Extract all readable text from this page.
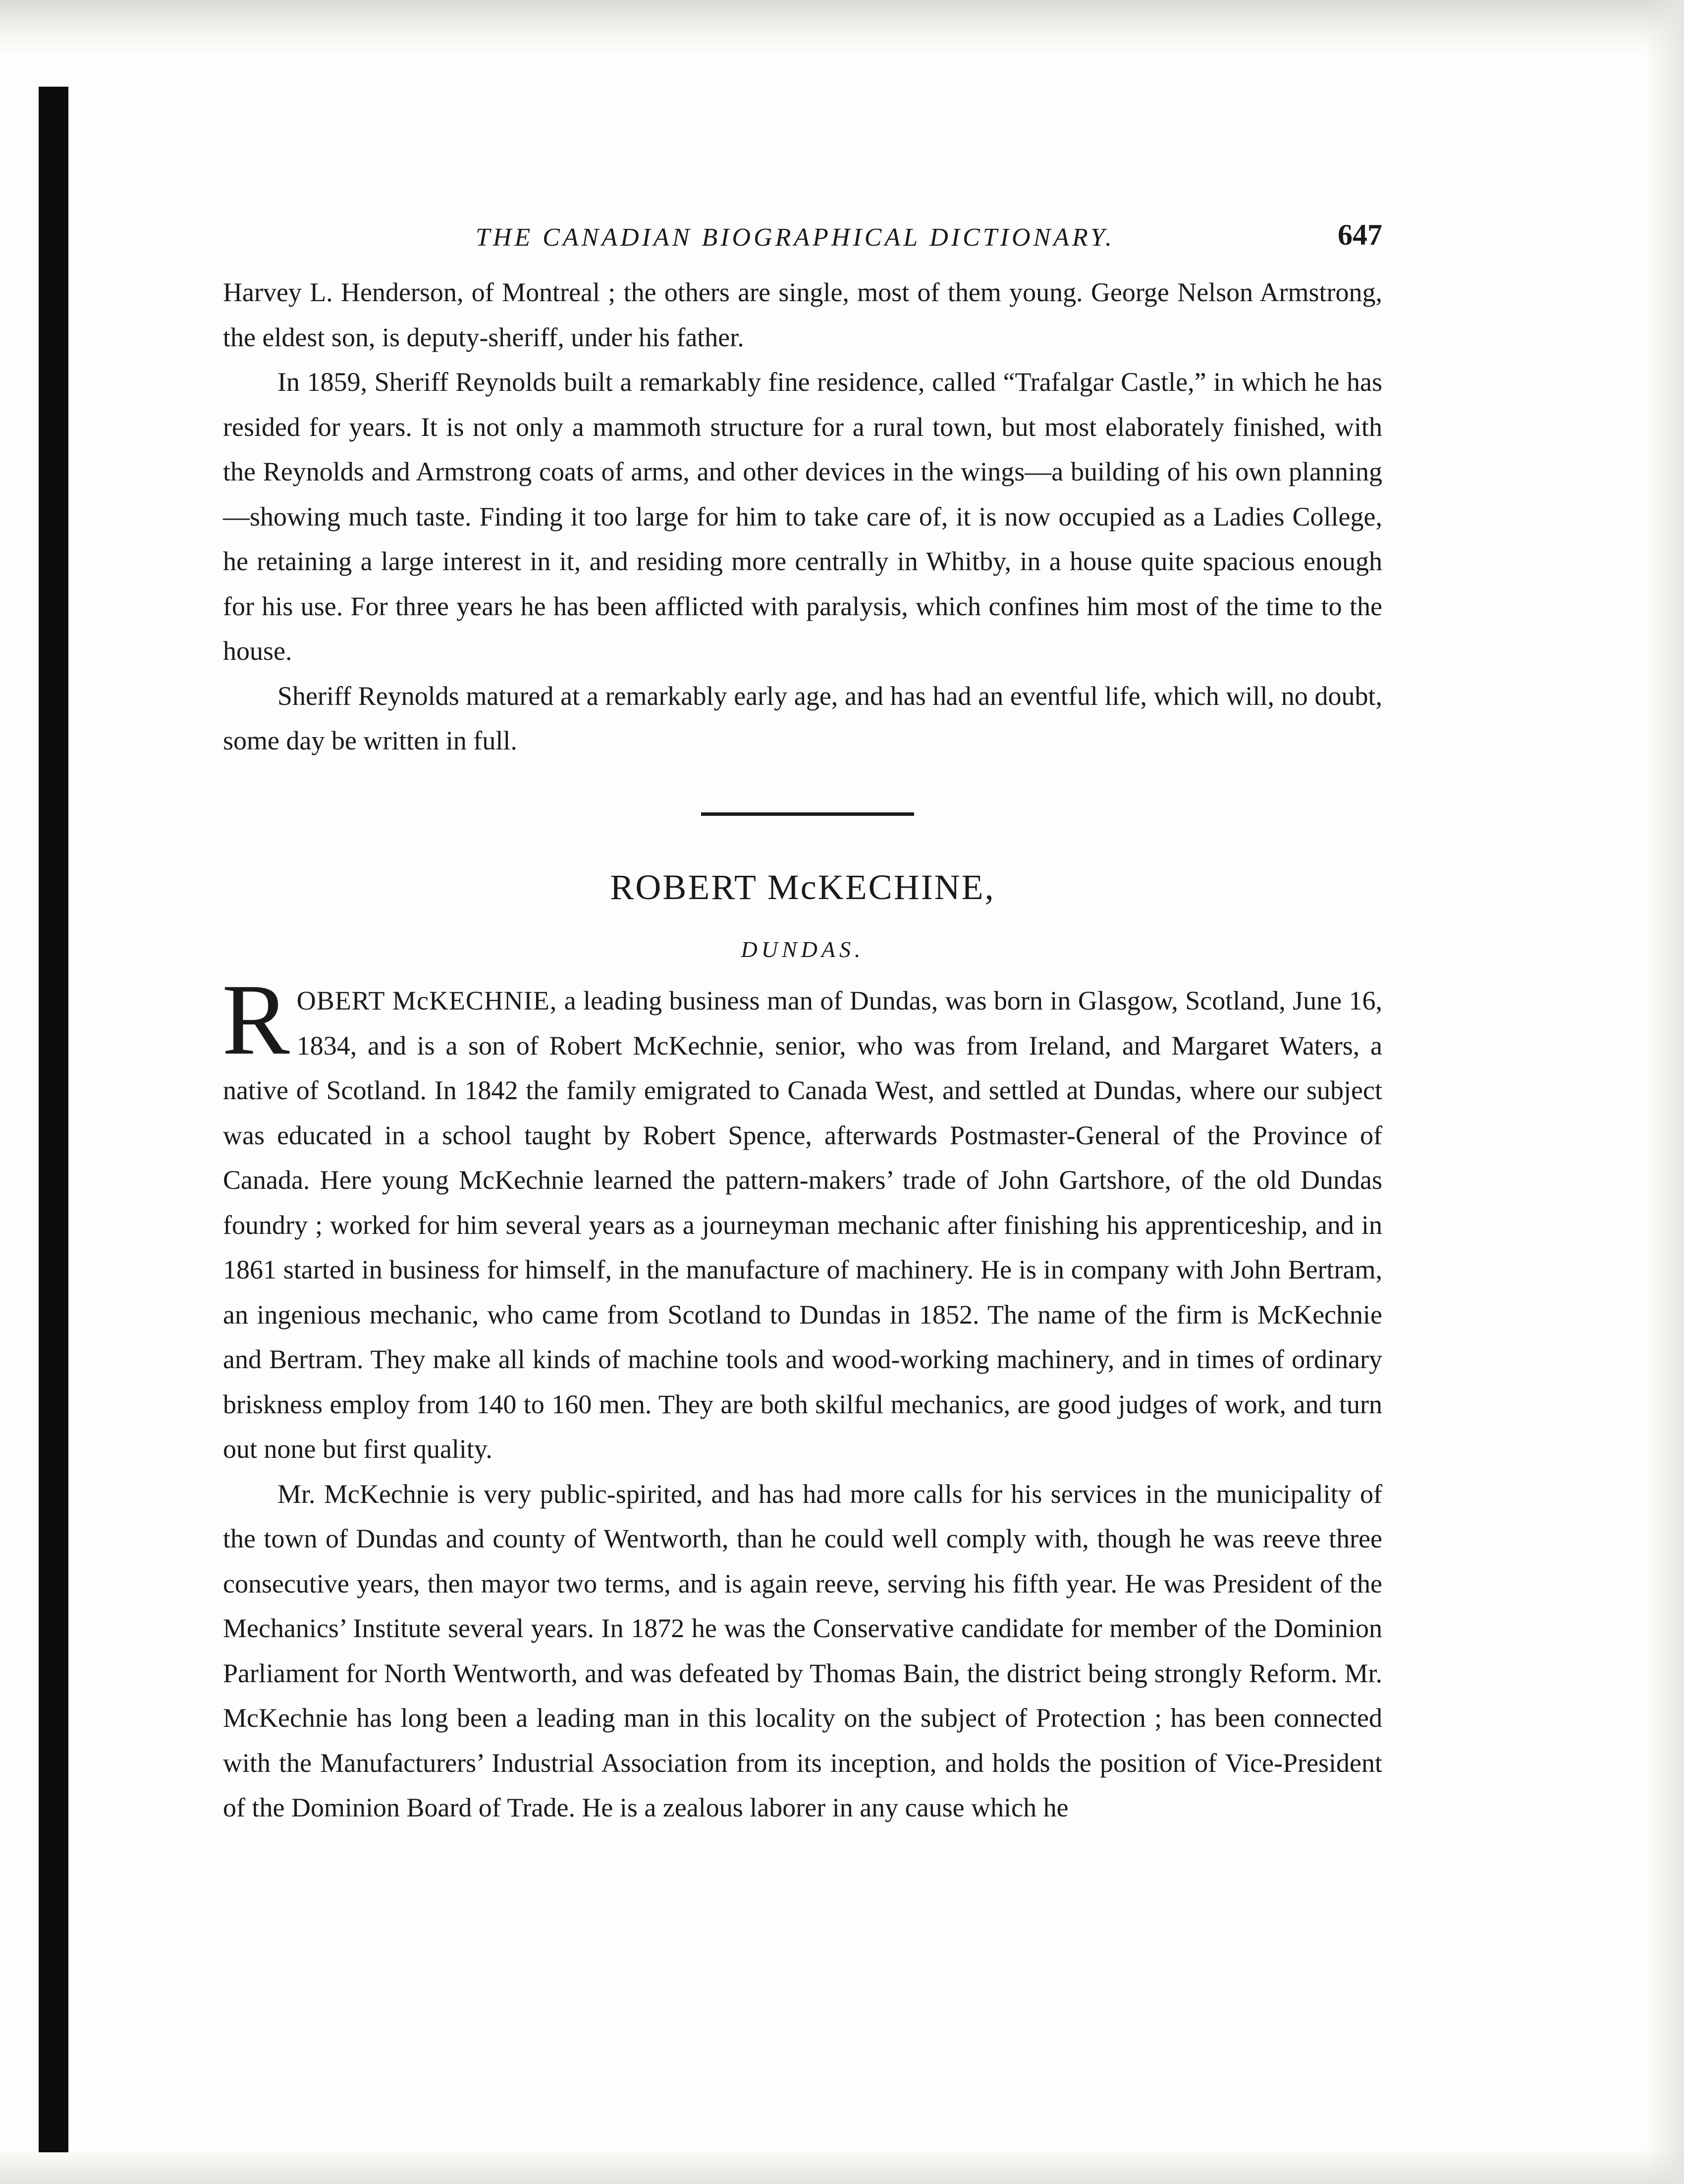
THE CANADIAN BIOGRAPHICAL DICTIONARY.	647

Harvey L. Henderson, of Montreal ; the others are single, most of them young. George Nelson Armstrong, the eldest son, is deputy-sheriff, under his father.

In 1859, Sheriff Reynolds built a remarkably fine residence, called “Trafalgar Castle,” in which he has resided for years. It is not only a mammoth structure for a rural town, but most elaborately finished, with the Reynolds and Armstrong coats of arms, and other devices in the wings—a building of his own planning—showing much taste. Finding it too large for him to take care of, it is now occupied as a Ladies College, he retaining a large interest in it, and residing more centrally in Whitby, in a house quite spacious enough for his use. For three years he has been afflicted with paralysis, which confines him most of the time to the house.

Sheriff Reynolds matured at a remarkably early age, and has had an eventful life, which will, no doubt, some day be written in full.

ROBERT McKECHINE,
DUNDAS.

ROBERT McKECHNIE, a leading business man of Dundas, was born in Glasgow, Scotland, June 16, 1834, and is a son of Robert McKechnie, senior, who was from Ireland, and Margaret Waters, a native of Scotland. In 1842 the family emigrated to Canada West, and settled at Dundas, where our subject was educated in a school taught by Robert Spence, afterwards Postmaster-General of the Province of Canada. Here young McKechnie learned the pattern-makers’ trade of John Gartshore, of the old Dundas foundry ; worked for him several years as a journeyman mechanic after finishing his apprenticeship, and in 1861 started in business for himself, in the manufacture of machinery. He is in company with John Bertram, an ingenious mechanic, who came from Scotland to Dundas in 1852. The name of the firm is McKechnie and Bertram. They make all kinds of machine tools and wood-working machinery, and in times of ordinary briskness employ from 140 to 160 men. They are both skilful mechanics, are good judges of work, and turn out none but first quality.

Mr. McKechnie is very public-spirited, and has had more calls for his services in the municipality of the town of Dundas and county of Wentworth, than he could well comply with, though he was reeve three consecutive years, then mayor two terms, and is again reeve, serving his fifth year. He was President of the Mechanics’ Institute several years. In 1872 he was the Conservative candidate for member of the Dominion Parliament for North Wentworth, and was defeated by Thomas Bain, the district being strongly Reform. Mr. McKechnie has long been a leading man in this locality on the subject of Protection ; has been connected with the Manufacturers’ Industrial Association from its inception, and holds the position of Vice-President of the Dominion Board of Trade. He is a zealous laborer in any cause which he
